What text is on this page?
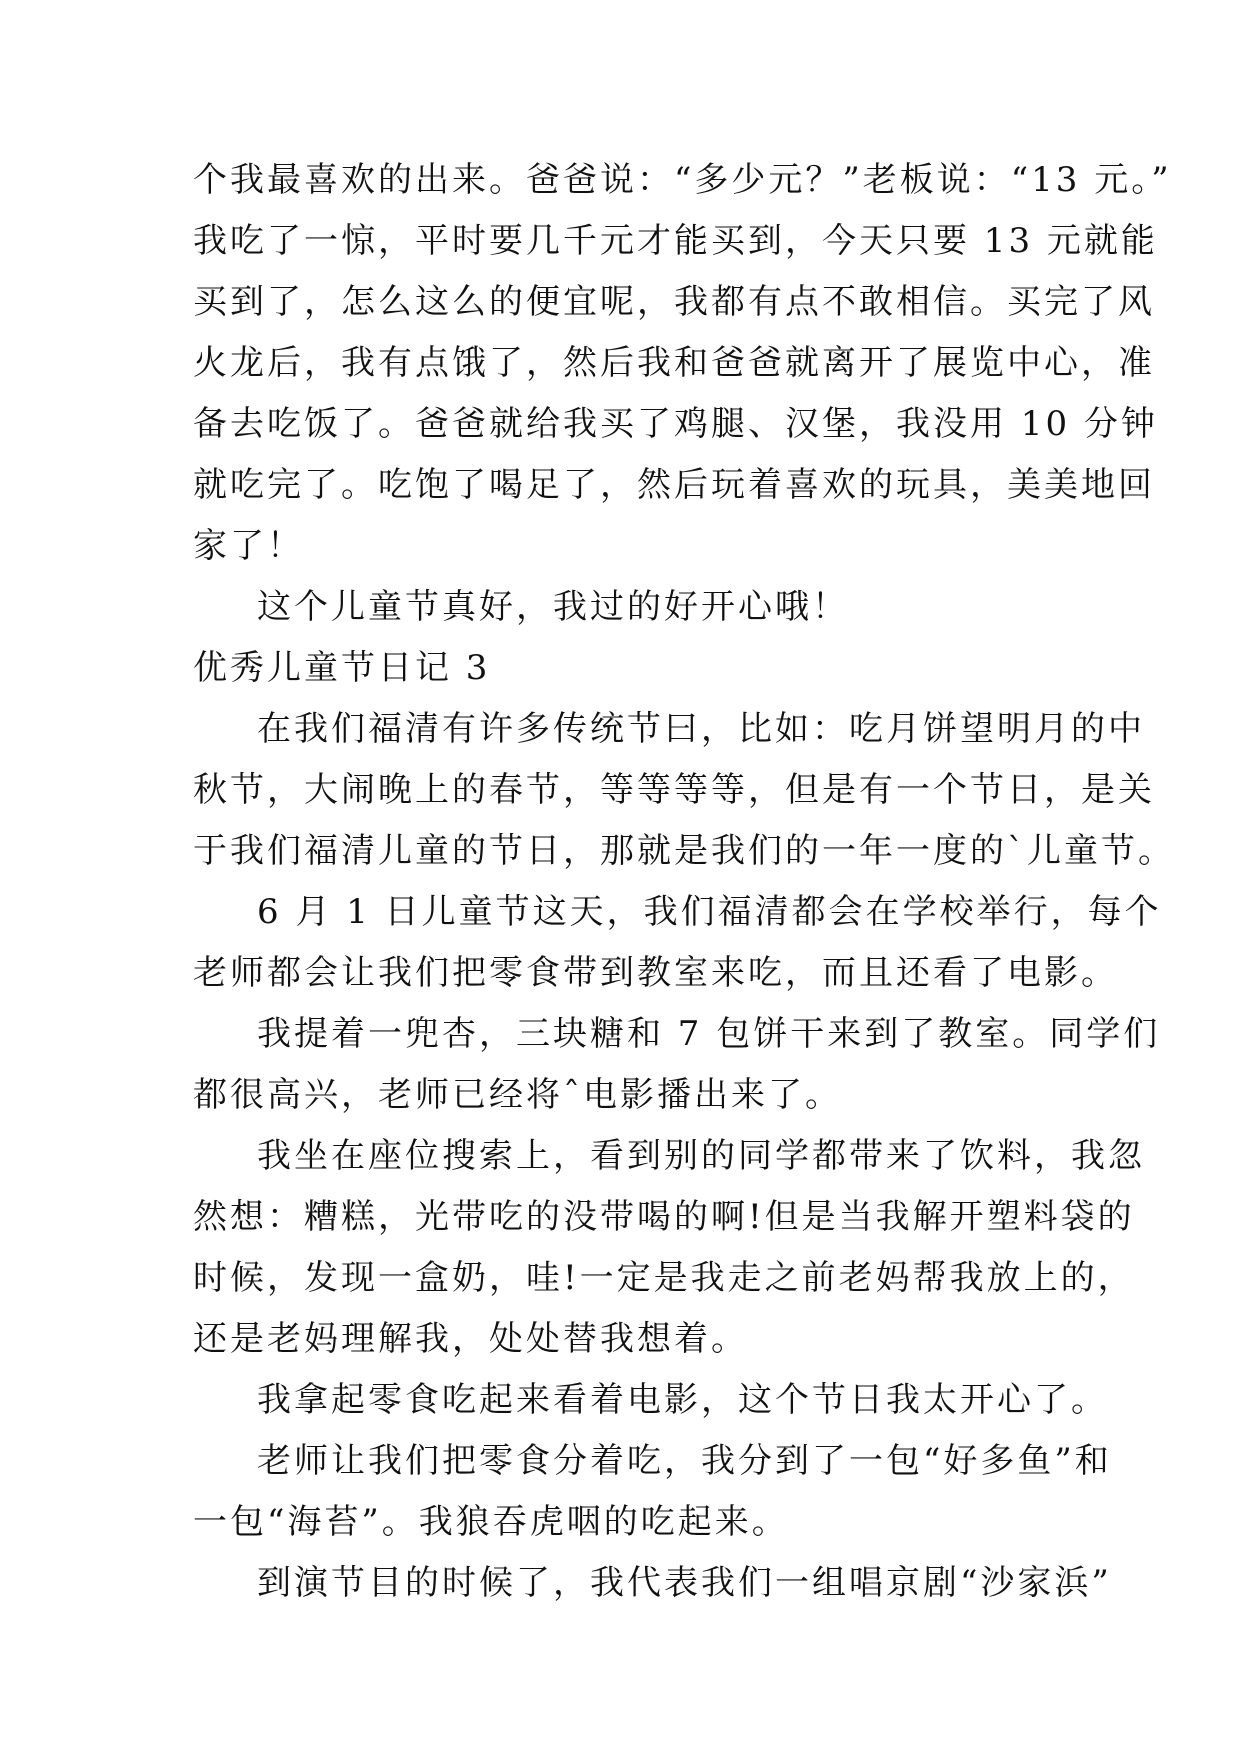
个我最喜欢的出来。爸爸说：“多少元？”老板说：“13 元。”
我吃了一惊，平时要几千元才能买到，今天只要 13 元就能
买到了，怎么这么的便宜呢，我都有点不敢相信。买完了风
火龙后，我有点饿了，然后我和爸爸就离开了展览中心，准
备去吃饭了。爸爸就给我买了鸡腿、汉堡，我没用 10 分钟
就吃完了。吃饱了喝足了，然后玩着喜欢的玩具，美美地回
家了！
这个儿童节真好，我过的好开心哦！
优秀儿童节日记 3
在我们福清有许多传统节曰，比如：吃月饼望明月的中
秋节，大闹晚上的春节，等等等等，但是有一个节日，是关
于我们福清儿童的节日，那就是我们的一年一度的`儿童节。
6 月 1 日儿童节这天，我们福清都会在学校举行，每个
老师都会让我们把零食带到教室来吃，而且还看了电影。
我提着一兜杏，三块糖和 7 包饼干来到了教室。同学们
都很高兴，老师已经将ˆ电影播出来了。
我坐在座位搜索上，看到别的同学都带来了饮料，我忽
然想：糟糕，光带吃的没带喝的啊!但是当我解开塑料袋的
时候，发现一盒奶，哇!一定是我走之前老妈帮我放上的，
还是老妈理解我，处处替我想着。
我拿起零食吃起来看着电影，这个节日我太开心了。
老师让我们把零食分着吃，我分到了一包“好多鱼”和
一包“海苔”。我狼吞虎咽的吃起来。
到演节目的时候了，我代表我们一组唱京剧“沙家浜”
